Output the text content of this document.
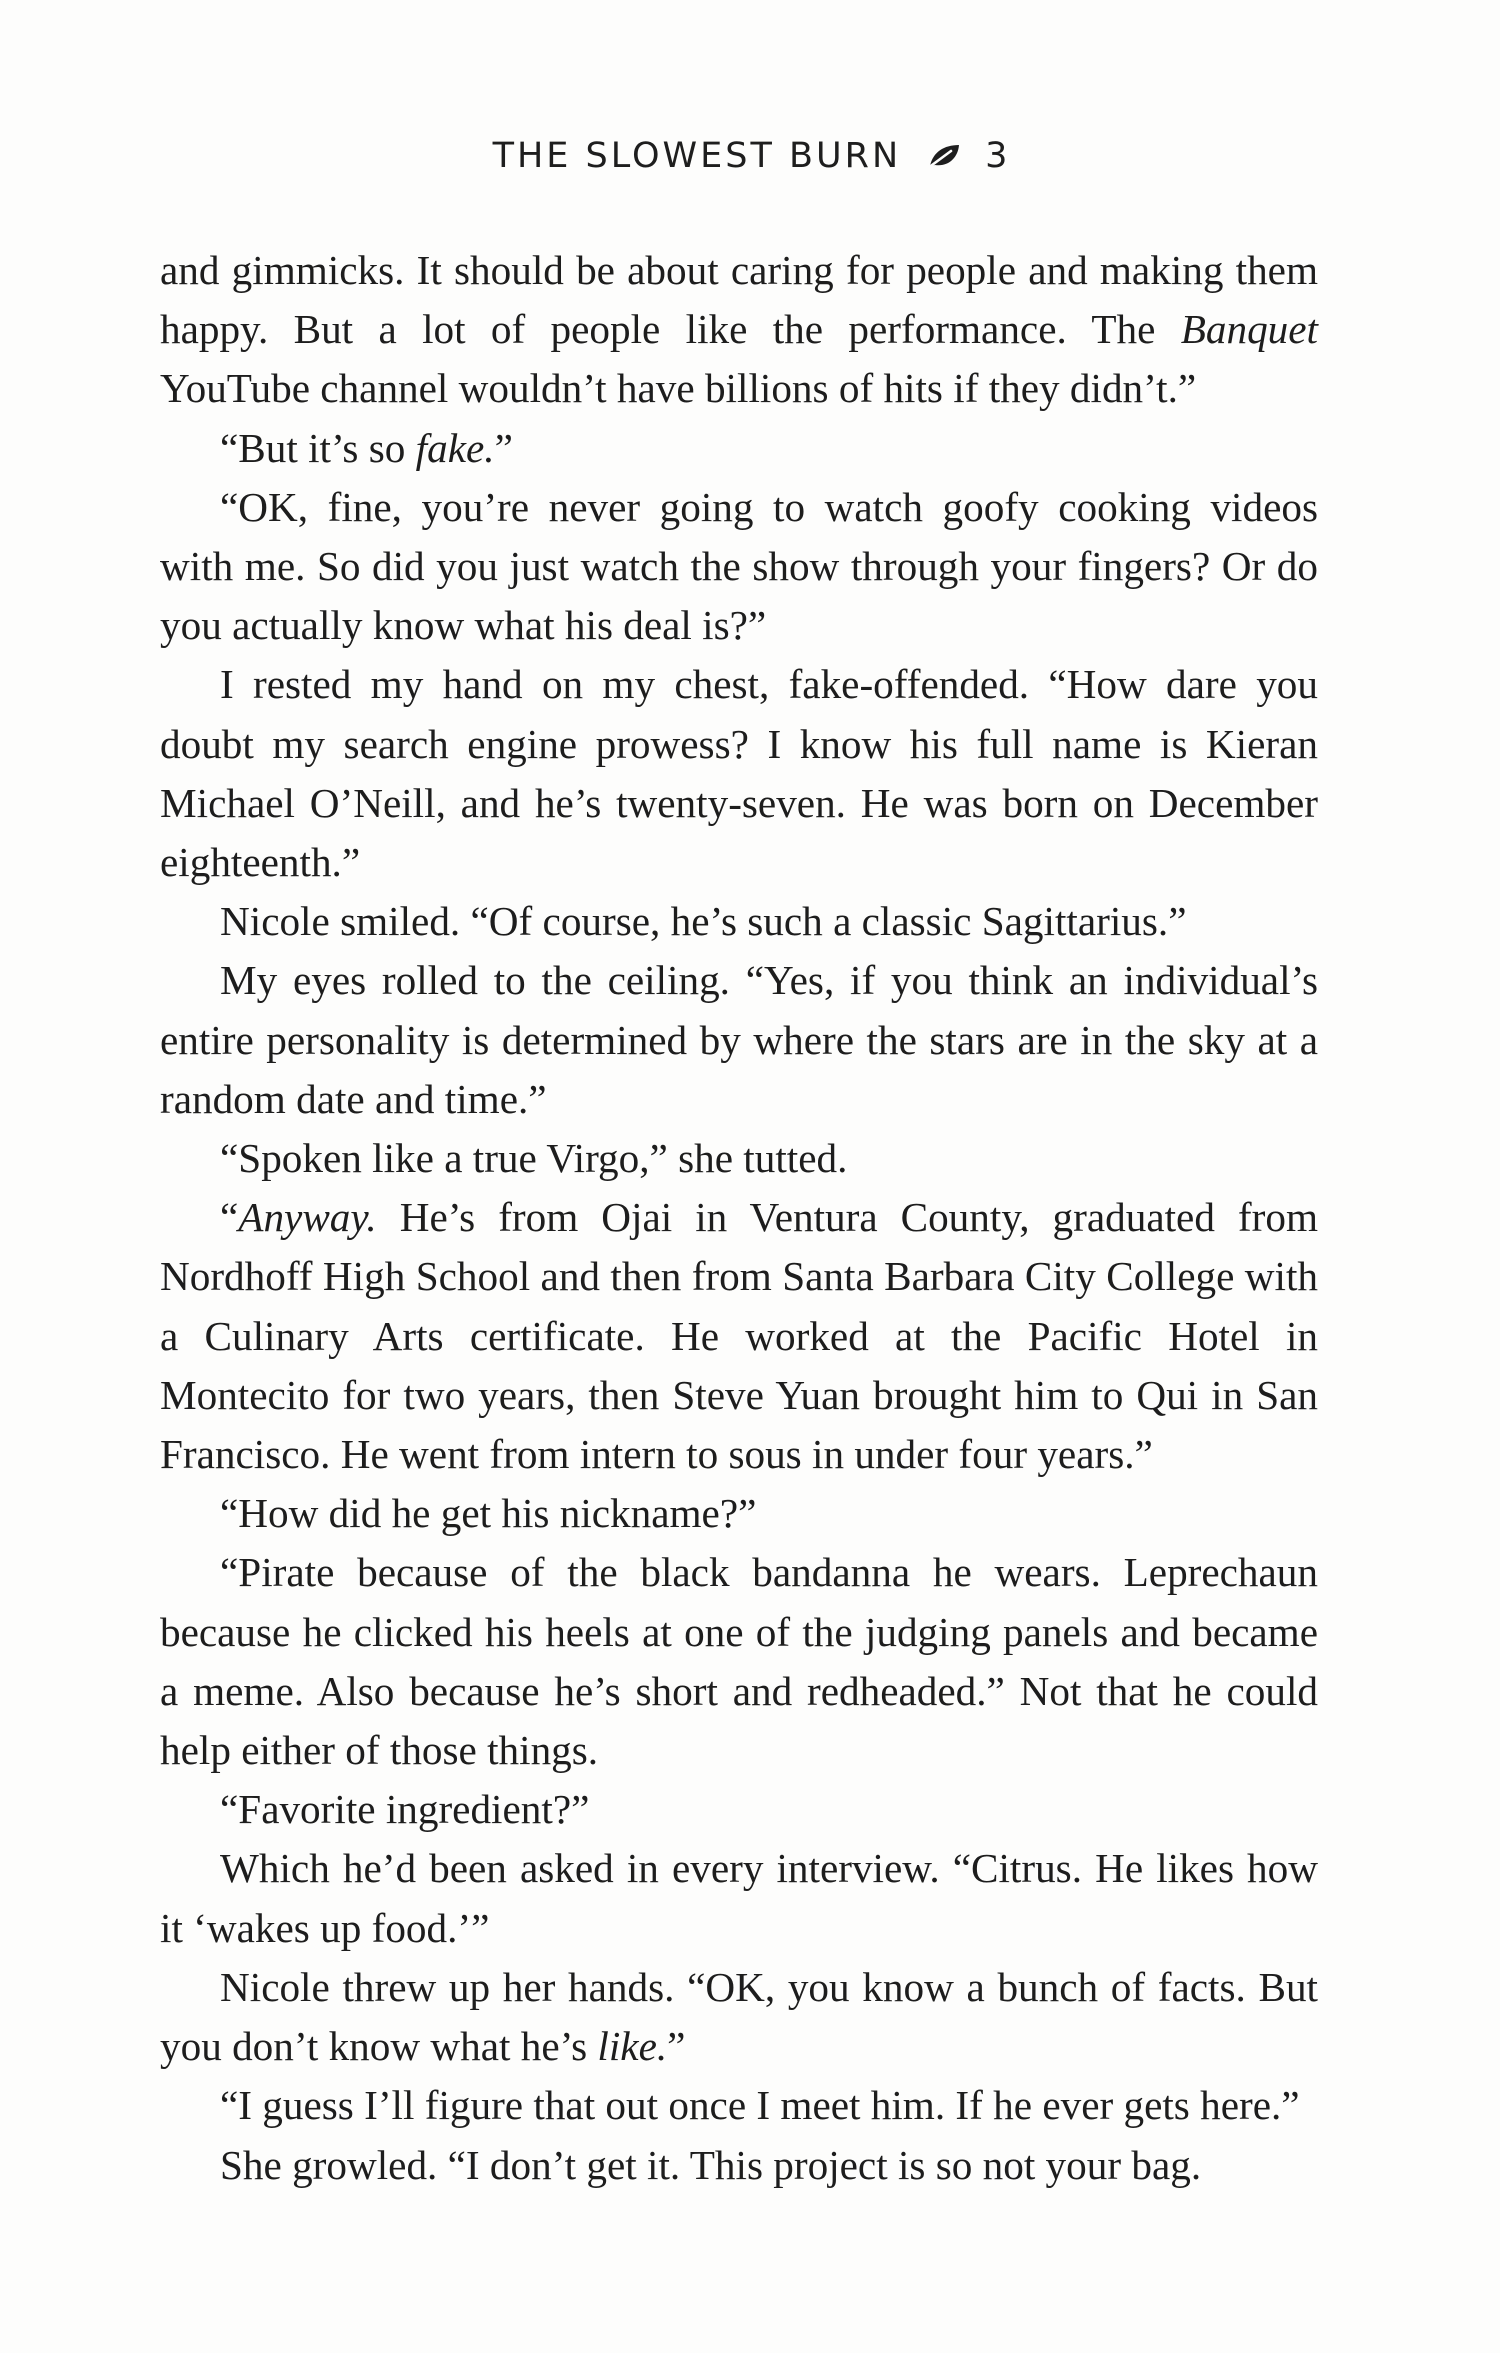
THE SLOWEST BURN 3

and gimmicks. It should be about caring for people and making them happy. But a lot of people like the performance. The Banquet YouTube channel wouldn’t have billions of hits if they didn’t.”

“But it’s so fake.”

“OK, fine, you’re never going to watch goofy cooking videos with me. So did you just watch the show through your fingers? Or do you actually know what his deal is?”

I rested my hand on my chest, fake-offended. “How dare you doubt my search engine prowess? I know his full name is Kieran Michael O’Neill, and he’s twenty-seven. He was born on December eighteenth.”

Nicole smiled. “Of course, he’s such a classic Sagittarius.”

My eyes rolled to the ceiling. “Yes, if you think an individual’s entire personality is determined by where the stars are in the sky at a random date and time.”

“Spoken like a true Virgo,” she tutted.

“Anyway. He’s from Ojai in Ventura County, graduated from Nordhoff High School and then from Santa Barbara City College with a Culinary Arts certificate. He worked at the Pacific Hotel in Montecito for two years, then Steve Yuan brought him to Qui in San Francisco. He went from intern to sous in under four years.”

“How did he get his nickname?”

“Pirate because of the black bandanna he wears. Leprechaun because he clicked his heels at one of the judging panels and became a meme. Also because he’s short and redheaded.” Not that he could help either of those things.

“Favorite ingredient?”

Which he’d been asked in every interview. “Citrus. He likes how it ‘wakes up food.’”

Nicole threw up her hands. “OK, you know a bunch of facts. But you don’t know what he’s like.”

“I guess I’ll figure that out once I meet him. If he ever gets here.”

She growled. “I don’t get it. This project is so not your bag.
